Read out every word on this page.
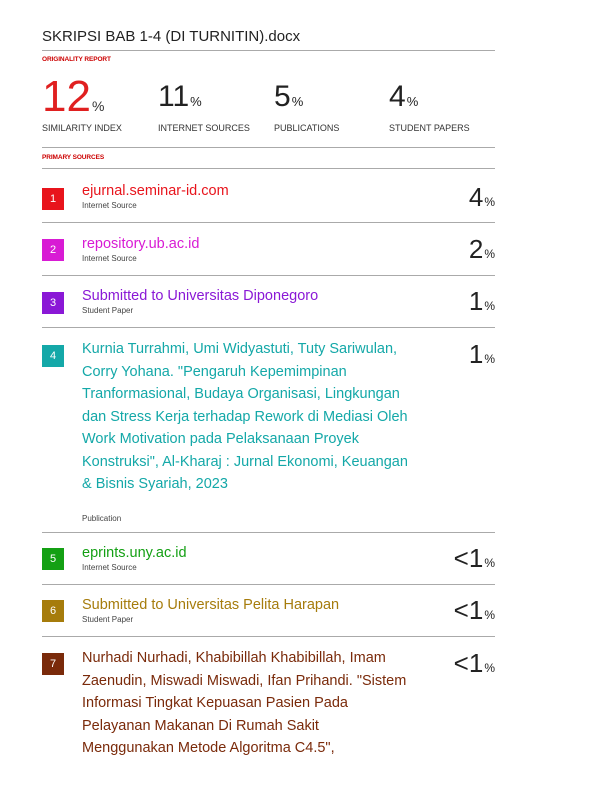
SKRIPSI BAB 1-4 (DI TURNITIN).docx
ORIGINALITY REPORT
12%
SIMILARITY INDEX
11%
INTERNET SOURCES
5%
PUBLICATIONS
4%
STUDENT PAPERS
PRIMARY SOURCES
1	ejurnal.seminar-id.com
Internet Source	4%
2	repository.ub.ac.id
Internet Source	2%
3	Submitted to Universitas Diponegoro
Student Paper	1%
4	Kurnia Turrahmi, Umi Widyastuti, Tuty Sariwulan, Corry Yohana. "Pengaruh Kepemimpinan Tranformasional, Budaya Organisasi, Lingkungan dan Stress Kerja terhadap Rework di Mediasi Oleh Work Motivation pada Pelaksanaan Proyek Konstruksi", Al-Kharaj : Jurnal Ekonomi, Keuangan & Bisnis Syariah, 2023
Publication
1%
5	eprints.uny.ac.id
Internet Source	<1%
6	Submitted to Universitas Pelita Harapan
Student Paper	<1%
7	Nurhadi Nurhadi, Khabibillah Khabibillah, Imam Zaenudin, Miswadi Miswadi, Ifan Prihandi. "Sistem Informasi Tingkat Kepuasan Pasien Pada Pelayanan Makanan Di Rumah Sakit Menggunakan Metode Algoritma C4.5",
<1%
